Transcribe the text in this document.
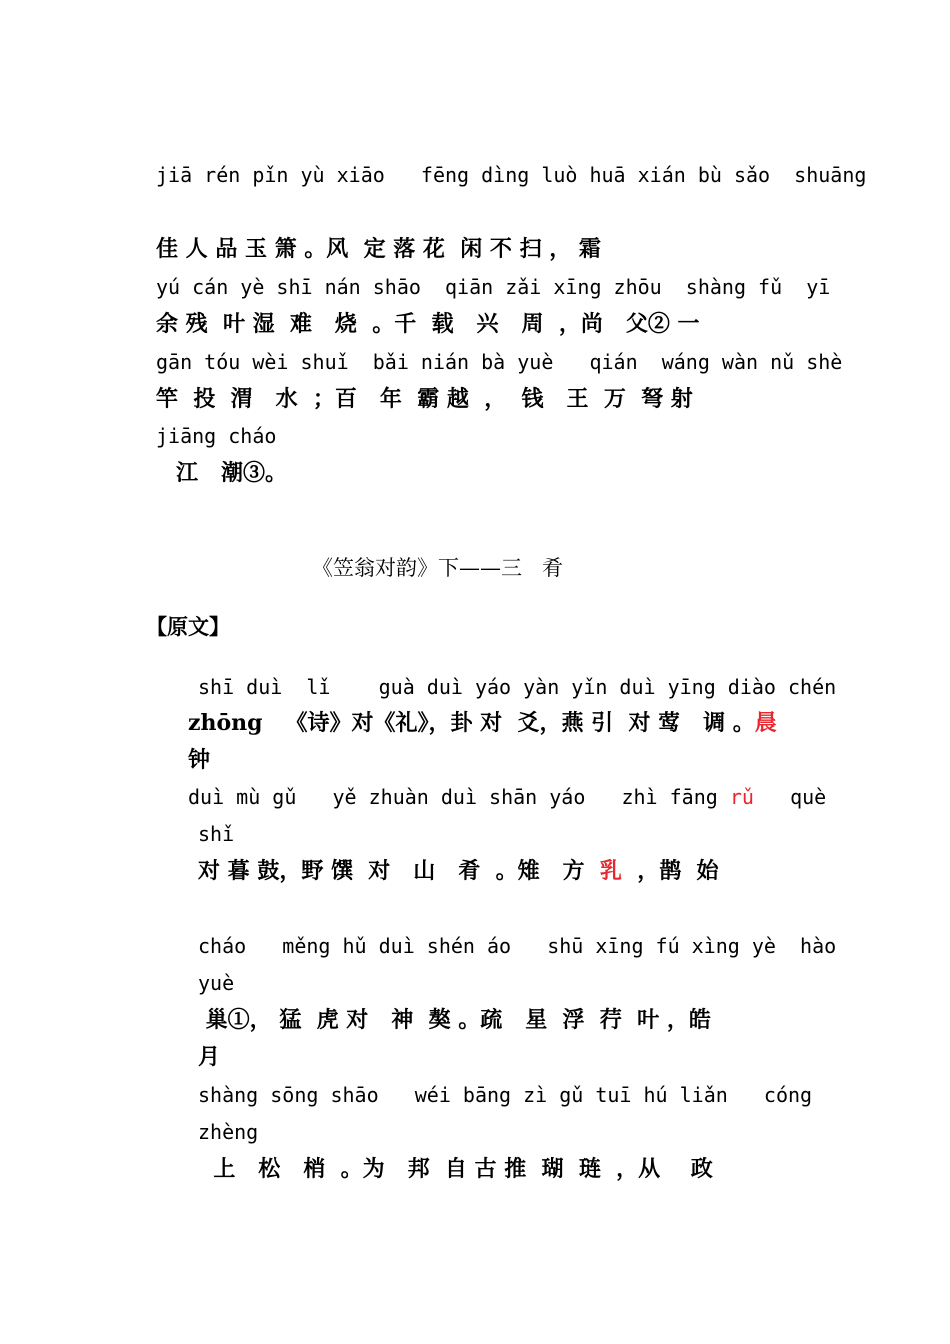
jiā rén pǐn yù xiāo   fēng dìng luò huā xián bù sǎo  shuāng
佳 人 品 玉 箫 。风  定 落 花  闲 不 扫 ， 霜
yú cán yè shī nán shāo  qiān zǎi xīng zhōu  shàng fǔ  yī
余 残  叶 湿  难   烧  。千  载   兴   周  ，尚   父② 一
gān tóu wèi shuǐ  bǎi nián bà yuè   qián  wáng wàn nǔ shè
竿  投  渭   水  ；百   年  霸 越  ，  钱   王  万  弩 射
jiāng cháo
江   潮③。
《笠翁对韵》下——三   肴
【原文】
shī duì  lǐ    guà duì yáo yàn yǐn duì yīng diào chén
zhōng   《诗》对《礼》，卦 对  爻，燕 引  对 莺   调 。晨
钟
duì mù gǔ   yě zhuàn duì shān yáo   zhì fāng rǔ   què
shǐ
对 暮 鼓，野 馔  对   山   肴  。雉   方  乳  ，鹊  始
cháo   měng hǔ duì shén áo   shū xīng fú xìng yè  hào
yuè
巢①， 猛  虎 对   神  獒 。疏   星  浮  荇  叶 ，皓
月
shàng sōng shāo   wéi bāng zì gǔ tuī hú liǎn   cóng
zhèng
上   松   梢  。为   邦  自 古 推  瑚  琏  ，从    政
